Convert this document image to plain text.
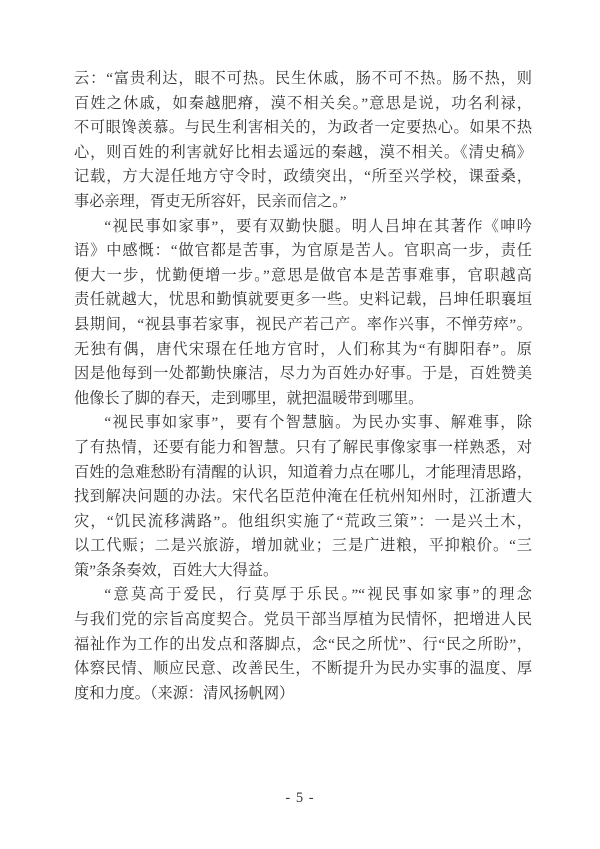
云：“富贵利达，眼不可热。民生休戚，肠不可不热。肠不热，则
百姓之休戚，如秦越肥瘠，漠不相关矣。”意思是说，功名利禄，
不可眼馋羡慕。与民生利害相关的，为政者一定要热心。如果不热
心，则百姓的利害就好比相去遥远的秦越，漠不相关。《清史稿》
记载，方大湜任地方守令时，政绩突出，“所至兴学校，课蚕桑，
事必亲理，胥吏无所容奸，民亲而信之。”
“视民事如家事”，要有双勤快腿。明人吕坤在其著作《呻吟
语》中感慨：“做官都是苦事，为官原是苦人。官职高一步，责任
便大一步，忧勤便增一步。”意思是做官本是苦事难事，官职越高
责任就越大，忧思和勤慎就要更多一些。史料记载，吕坤任职襄垣
县期间，“视县事若家事，视民产若己产。率作兴事，不惮劳瘁”。
无独有偶，唐代宋璟在任地方官时，人们称其为“有脚阳春”。原
因是他每到一处都勤快廉洁，尽力为百姓办好事。于是，百姓赞美
他像长了脚的春天，走到哪里，就把温暖带到哪里。
“视民事如家事”，要有个智慧脑。为民办实事、解难事，除
了有热情，还要有能力和智慧。只有了解民事像家事一样熟悉，对
百姓的急难愁盼有清醒的认识，知道着力点在哪儿，才能理清思路，
找到解决问题的办法。宋代名臣范仲淹在任杭州知州时，江浙遭大
灾，“饥民流移满路”。他组织实施了“荒政三策”：一是兴土木，
以工代赈；二是兴旅游，增加就业；三是广进粮，平抑粮价。“三
策”条条奏效，百姓大大得益。
“意莫高于爱民，行莫厚于乐民。”“视民事如家事”的理念
与我们党的宗旨高度契合。党员干部当厚植为民情怀，把增进人民
福祉作为工作的出发点和落脚点，念“民之所忧”、行“民之所盼”，
体察民情、顺应民意、改善民生，不断提升为民办实事的温度、厚
度和力度。（来源：清风扬帆网）
- 5 -
